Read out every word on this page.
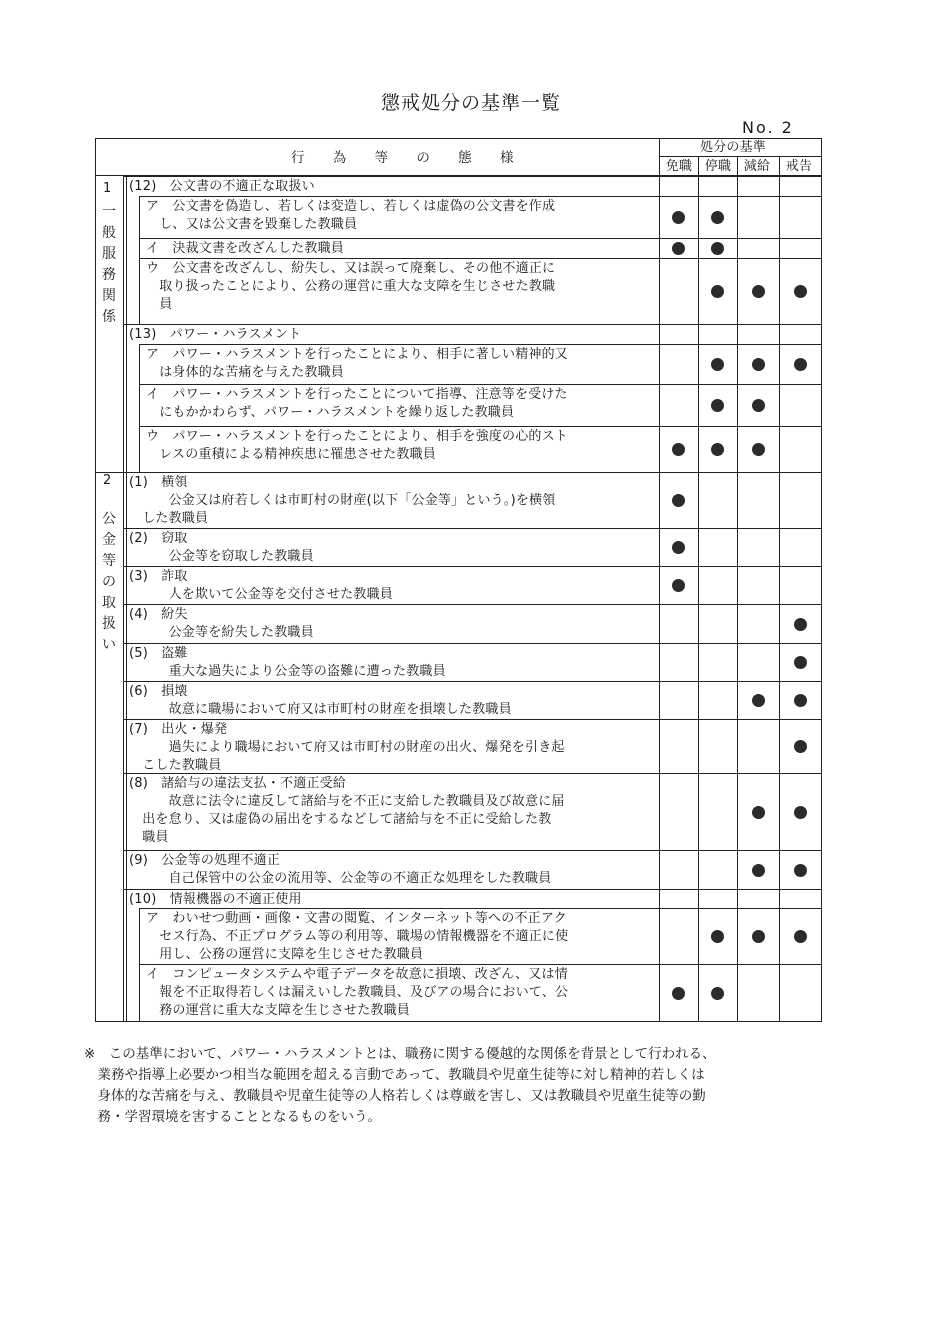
懲戒処分の基準一覧
No. 2
行 為 等 の 態 様
処分の基準
免職 停職 減給	戒告
1
一般服務関係
2
公金等の取扱い
(12)　公文書の不適正な取扱い
ア　公文書を偽造し、若しくは変造し、若しくは虚偽の公文書を作成
　し、又は公文書を毀棄した教職員
イ　決裁文書を改ざんした教職員
ウ　公文書を改ざんし、紛失し、又は誤って廃棄し、その他不適正に
　取り扱ったことにより、公務の運営に重大な支障を生じさせた教職
　員
(13)　パワー・ハラスメント
ア　パワー・ハラスメントを行ったことにより、相手に著しい精神的又
　は身体的な苦痛を与えた教職員
イ　パワー・ハラスメントを行ったことについて指導、注意等を受けた
　にもかかわらず、パワー・ハラスメントを繰り返した教職員
ウ　パワー・ハラスメントを行ったことにより、相手を強度の心的スト
　レスの重積による精神疾患に罹患させた教職員
(1)　横領
　　　公金又は府若しくは市町村の財産(以下「公金等」という。)を横領
　した教職員
(2)　窃取
　　　公金等を窃取した教職員
(3)　詐取
　　　人を欺いて公金等を交付させた教職員
(4)　紛失
　　　公金等を紛失した教職員
(5)　盗難
　　　重大な過失により公金等の盗難に遭った教職員
(6)　損壊
　　　故意に職場において府又は市町村の財産を損壊した教職員
(7)　出火・爆発
　　　過失により職場において府又は市町村の財産の出火、爆発を引き起
　こした教職員
(8)　諸給与の違法支払・不適正受給
　　　故意に法令に違反して諸給与を不正に支給した教職員及び故意に届
　出を怠り、又は虚偽の届出をするなどして諸給与を不正に受給した教
　職員
(9)　公金等の処理不適正
　　　自己保管中の公金の流用等、公金等の不適正な処理をした教職員
(10)　情報機器の不適正使用
ア　わいせつ動画・画像・文書の閲覧、インターネット等への不正アク
　セス行為、不正プログラム等の利用等、職場の情報機器を不適正に使
　用し、公務の運営に支障を生じさせた教職員
イ　コンピュータシステムや電子データを故意に損壊、改ざん、又は情
　報を不正取得若しくは漏えいした教職員、及びアの場合において、公
　務の運営に重大な支障を生じさせた教職員
※　この基準において、パワー・ハラスメントとは、職務に関する優越的な関係を背景として行われる、
　業務や指導上必要かつ相当な範囲を超える言動であって、教職員や児童生徒等に対し精神的若しくは
　身体的な苦痛を与え、教職員や児童生徒等の人格若しくは尊厳を害し、又は教職員や児童生徒等の勤
　務・学習環境を害することとなるものをいう。
